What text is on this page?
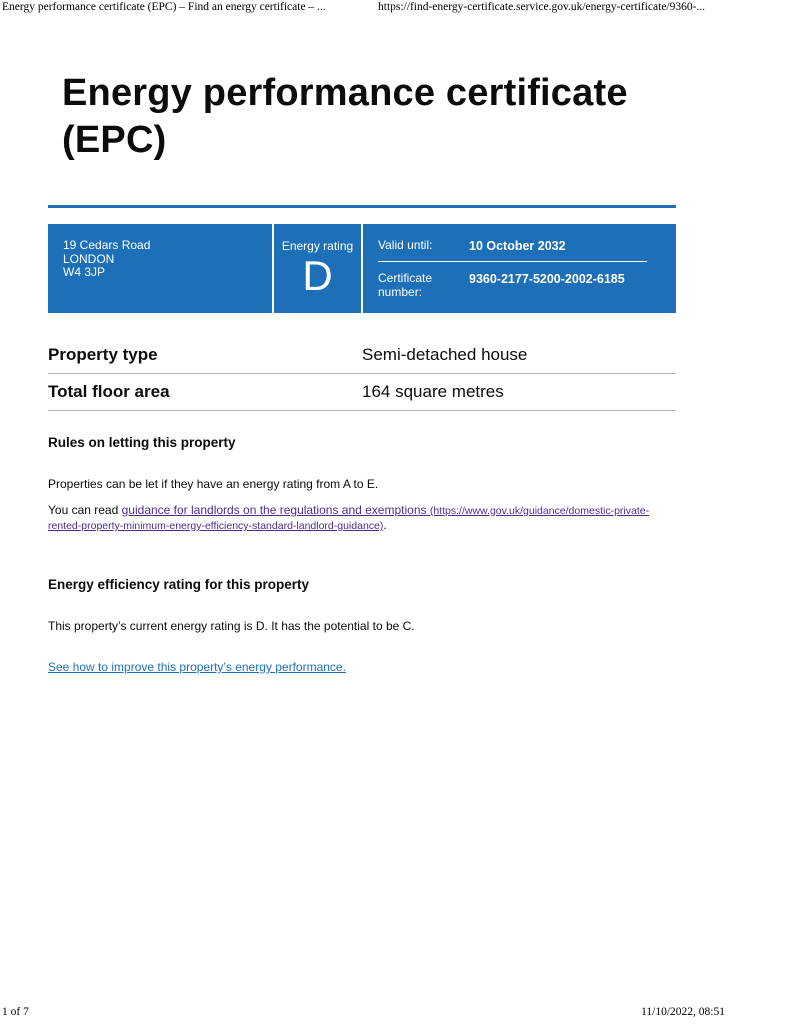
Energy performance certificate (EPC) – Find an energy certificate – ...	https://find-energy-certificate.service.gov.uk/energy-certificate/9360-...
Energy performance certificate (EPC)
19 Cedars Road
LONDON
W4 3JP
Energy rating
D
Valid until:	10 October 2032
Certificate number:
9360-2177-5200-2002-6185
Property type	Semi-detached house
Total floor area	164 square metres
Rules on letting this property

Properties can be let if they have an energy rating from A to E.

You can read guidance for landlords on the regulations and exemptions (https://www.gov.uk/guidance/domestic-private-rented-property-minimum-energy-efficiency-standard-landlord-guidance).

Energy efficiency rating for this property

This property’s current energy rating is D. It has the potential to be C.

See how to improve this property’s energy performance.

1 of 7	11/10/2022, 08:51
